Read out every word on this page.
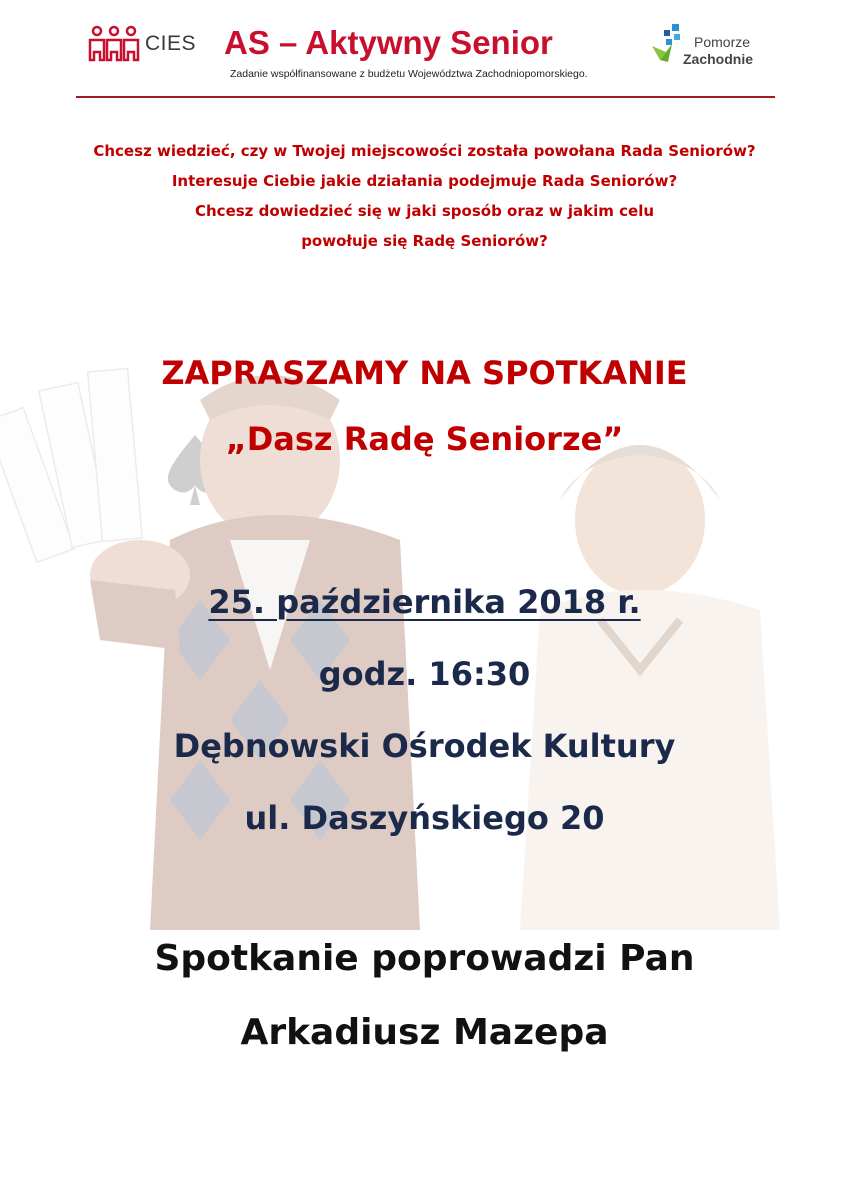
CIES AS – Aktywny Senior
Zadanie współfinansowane z budżetu Województwa Zachodniopomorskiego.
Pomorze
Zachodnie
Chcesz wiedzieć, czy w Twojej miejscowości została powołana Rada Seniorów?
Interesuje Ciebie jakie działania podejmuje Rada Seniorów?
Chcesz dowiedzieć się w jaki sposób oraz w jakim celu
powołuje się Radę Seniorów?
ZAPRASZAMY NA SPOTKANIE
„Dasz Radę Seniorze”
25. października 2018 r.
godz. 16:30
Dębnowski Ośrodek Kultury
ul. Daszyńskiego 20
Spotkanie poprowadzi Pan
Arkadiusz Mazepa
